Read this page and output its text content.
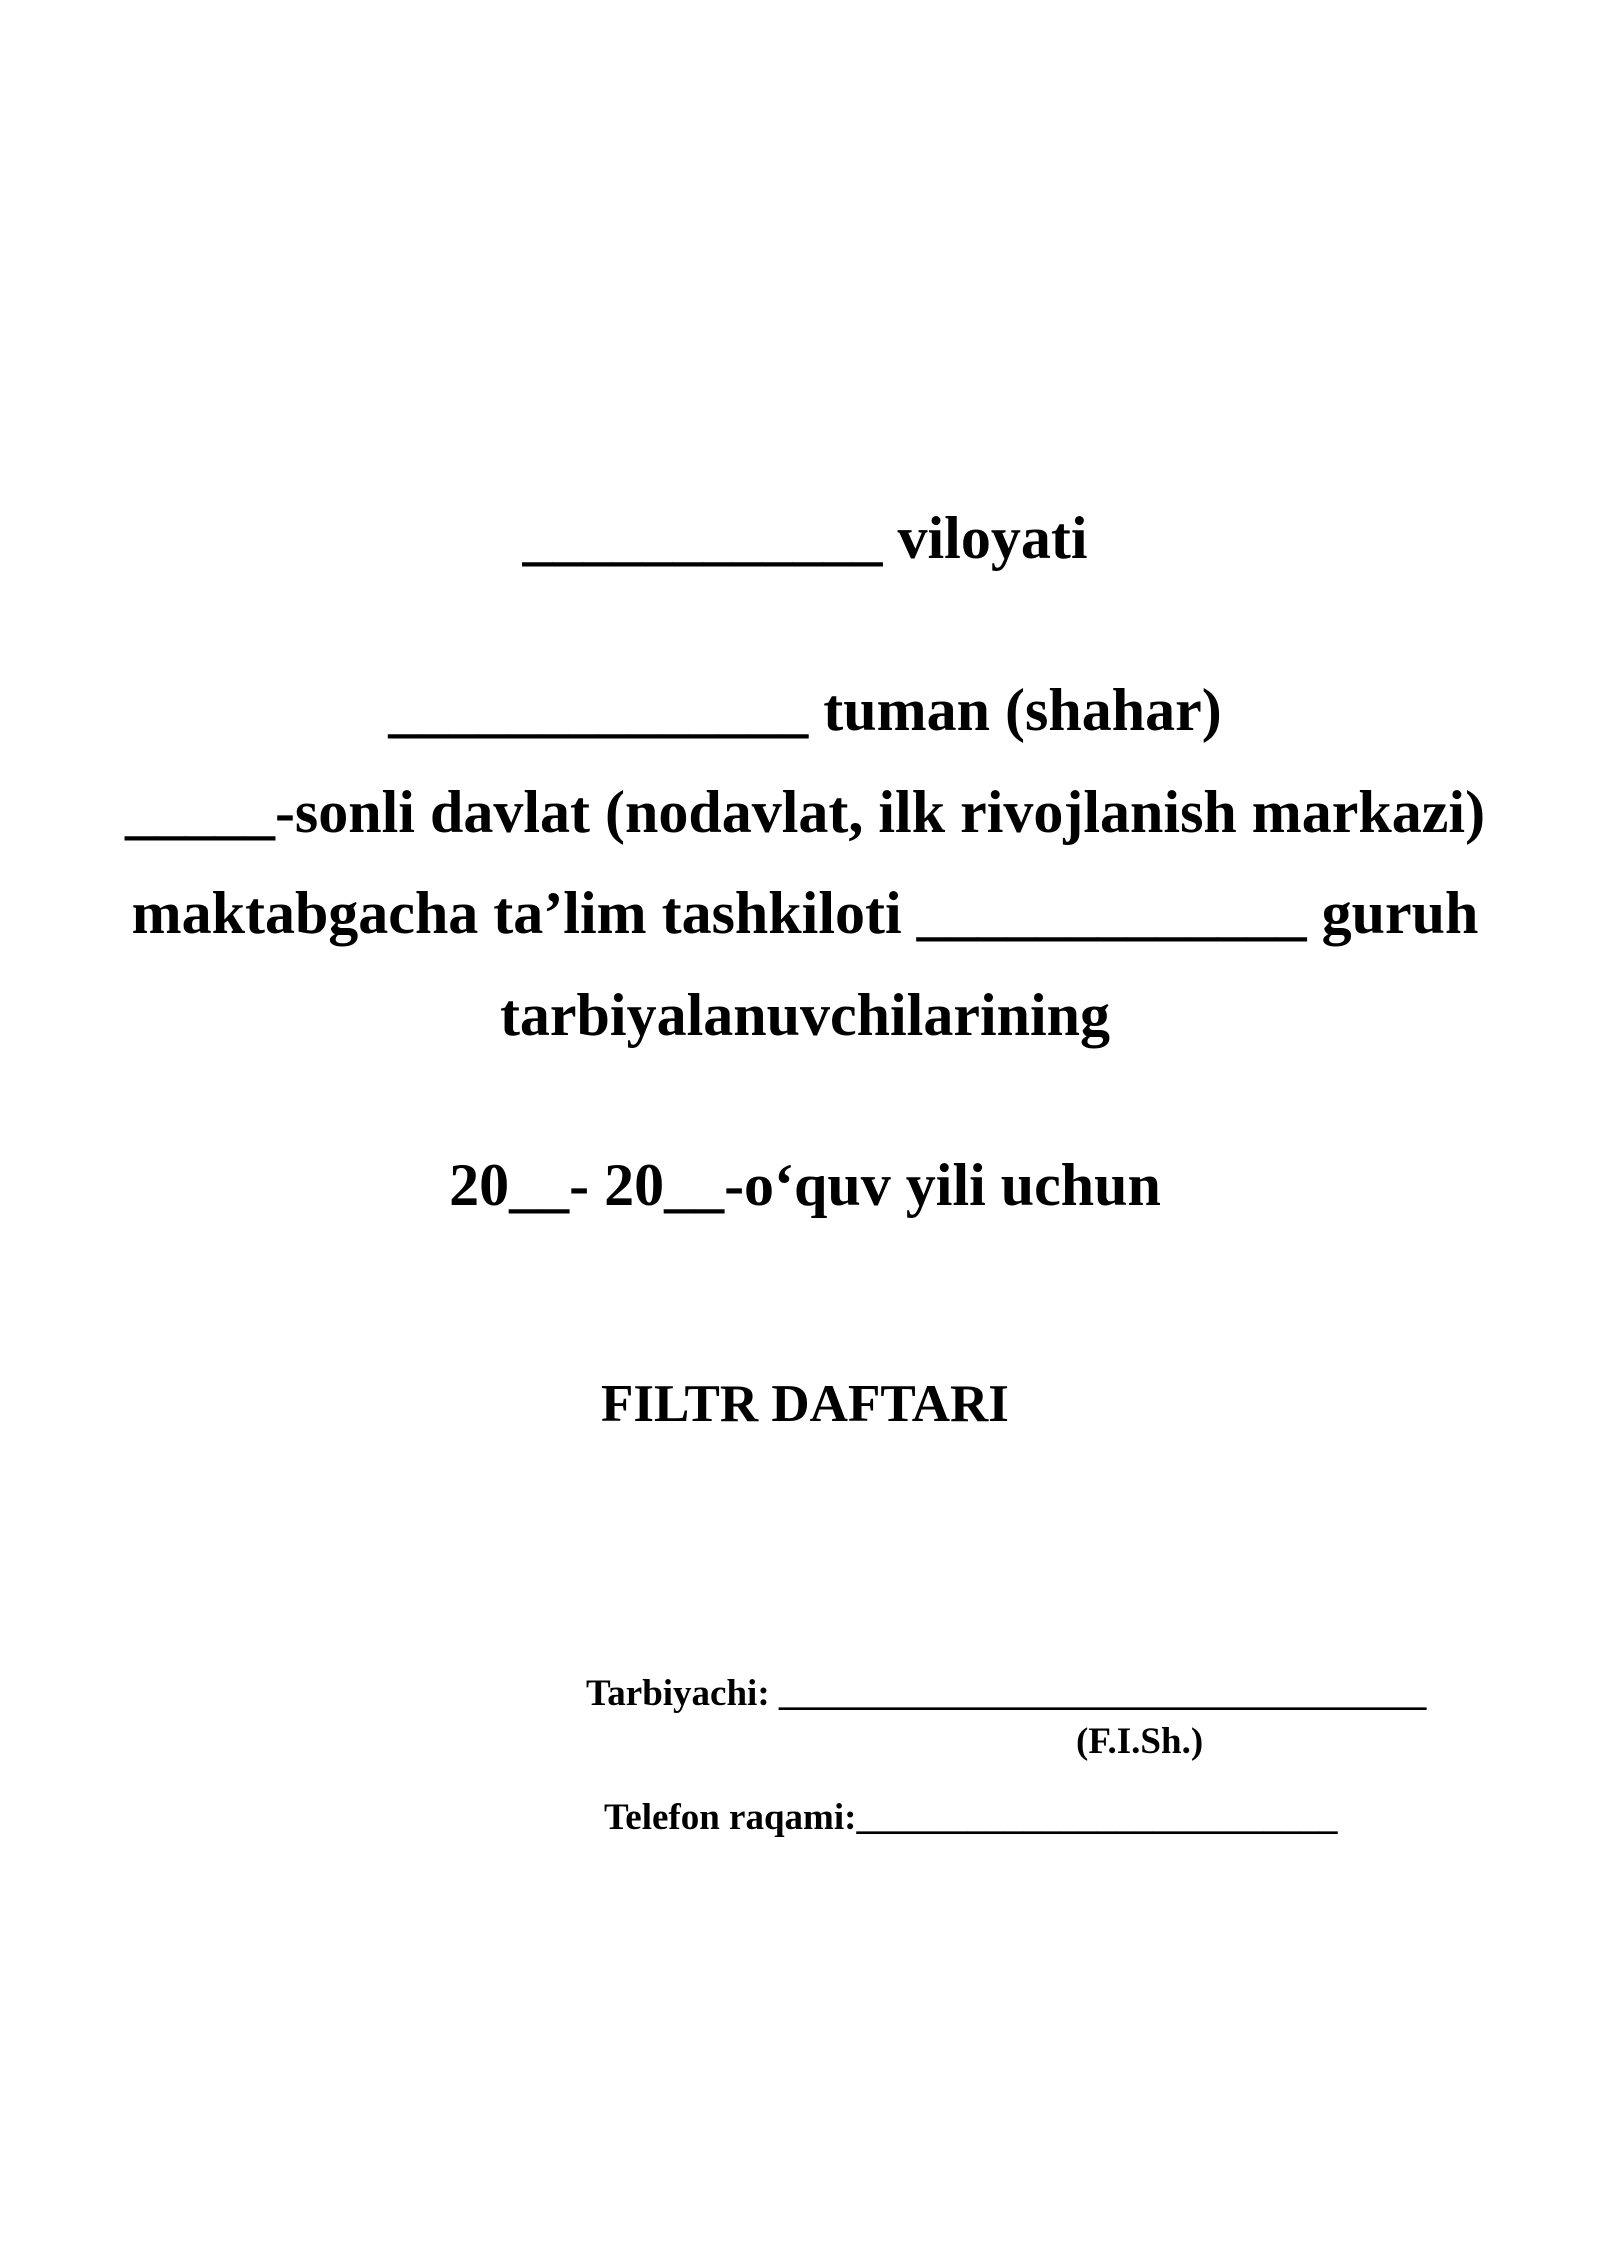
____________ viloyati
______________ tuman (shahar)
_____-sonli davlat (nodavlat, ilk rivojlanish markazi)
maktabgacha ta’lim tashkiloti _____________ guruh
tarbiyalanuvchilarining
20__- 20__-o‘quv yili uchun
FILTR DAFTARI
Tarbiyachi: ___________________________________
(F.I.Sh.)
Telefon raqami:__________________________
